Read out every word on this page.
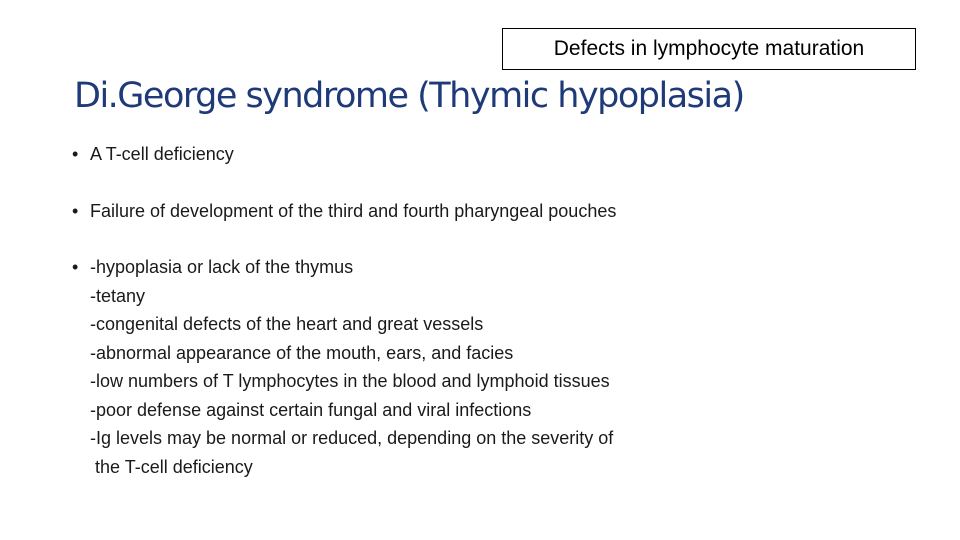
Defects in lymphocyte maturation
Di.George syndrome (Thymic hypoplasia)
• A T-cell deficiency
• Failure of development of the third and fourth pharyngeal pouches
• -hypoplasia or lack of the thymus
-tetany
-congenital defects of the heart and great vessels
-abnormal appearance of the mouth, ears, and facies
-low numbers of T lymphocytes in the blood and lymphoid tissues
-poor defense against certain fungal and viral infections
-Ig levels may be normal or reduced, depending on the severity of
the T-cell deficiency
